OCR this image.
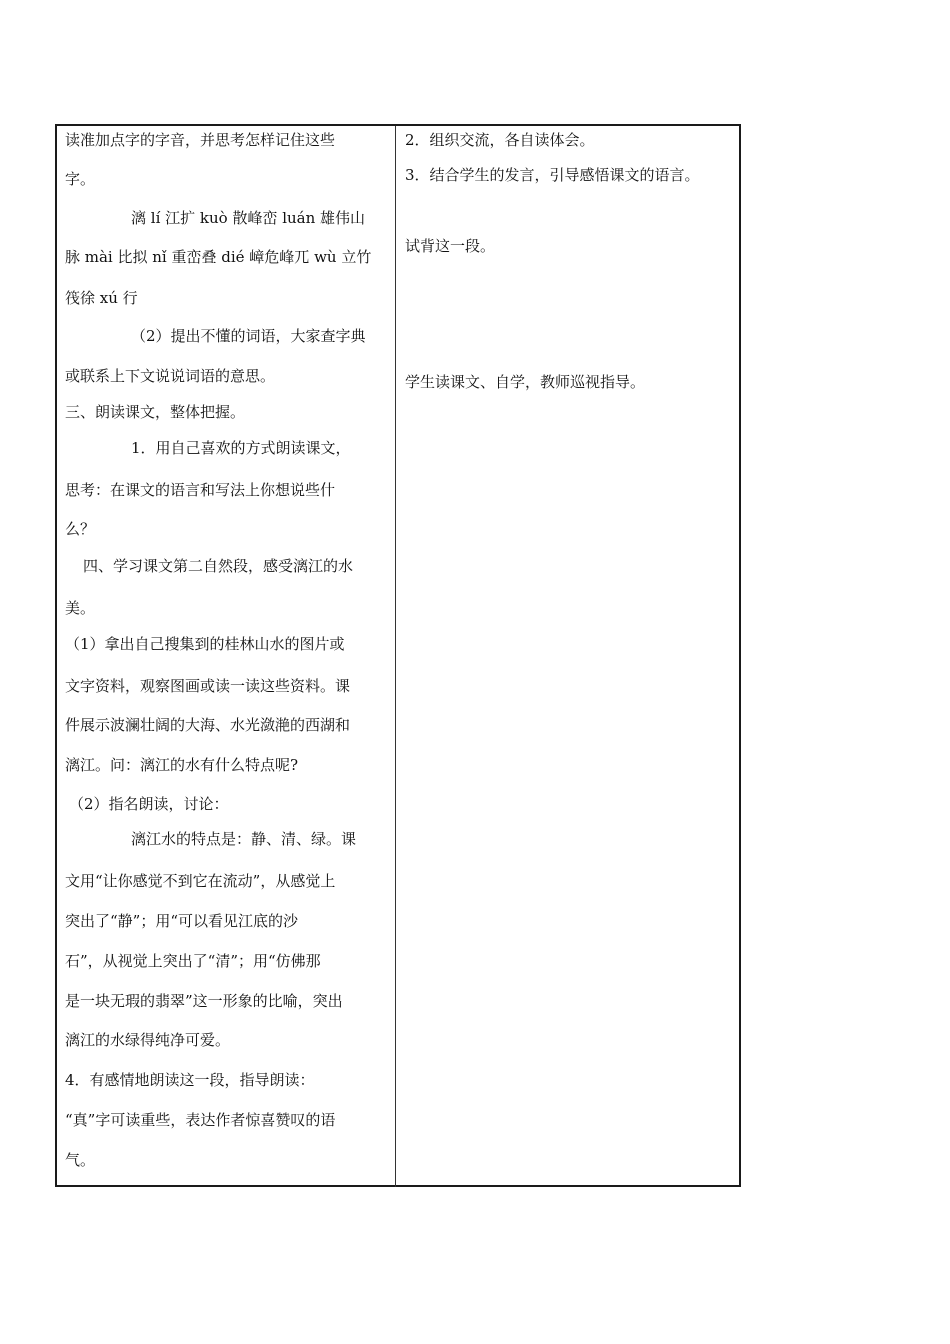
读准加点字的字音，并思考怎样记住这些
字。
漓 lí 江扩 kuò 散峰峦 luán 雄伟山
脉 mài 比拟 nǐ 重峦叠 dié 嶂危峰兀 wù 立竹
筏徐 xú 行
（2）提出不懂的词语，大家查字典
或联系上下文说说词语的意思。
三、朗读课文，整体把握。
1．用自己喜欢的方式朗读课文，
思考：在课文的语言和写法上你想说些什
么？
四、学习课文第二自然段，感受漓江的水
美。
（1）拿出自己搜集到的桂林山水的图片或
文字资料，观察图画或读一读这些资料。课
件展示波澜壮阔的大海、水光潋滟的西湖和
漓江。问：漓江的水有什么特点呢?
（2）指名朗读，讨论：
漓江水的特点是：静、清、绿。课
文用“让你感觉不到它在流动”，从感觉上
突出了“静”；用“可以看见江底的沙
石”，从视觉上突出了“清”；用“仿佛那
是一块无瑕的翡翠”这一形象的比喻，突出
漓江的水绿得纯净可爱。
4．有感情地朗读这一段，指导朗读：
“真”字可读重些，表达作者惊喜赞叹的语
气。
2．组织交流，各自读体会。
3．结合学生的发言，引导感悟课文的语言。
试背这一段。
学生读课文、自学，教师巡视指导。
